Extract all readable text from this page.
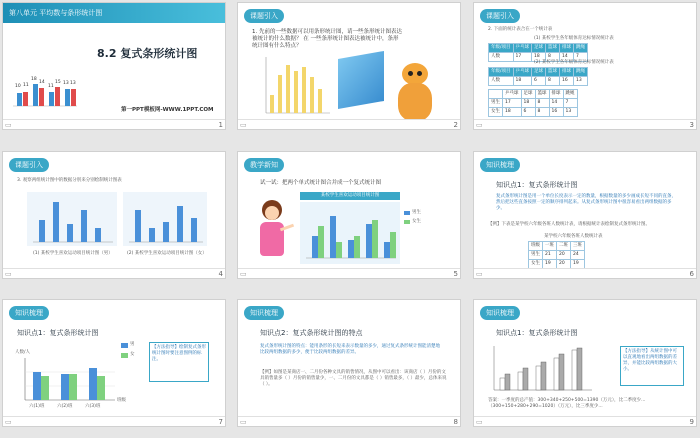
第八单元 平均数与条形统计图
8.2 复式条形统计图
10 11
18
14
11
15 13 13
第一PPT模板网-WWW.1PPT.COM
▭	1
课题引入
1. 先前的一些数据可以用条形统计图，请一些条形统计图表达被统计的什么数据？ 在 一些条形统计图表达被统计中，条形统计图有什么特点？
▭	2
课题引入
2. 下面的统计表合在一个统计表
(1) 某校学生各年级体育达标情况统计表
年级/项目	乒乓球	足球	篮球	排球	跳绳
人数	17	18	8	14	7
(2) 某校学生各年级体育达标情况统计表
年级/项目	乒乓球	足球	篮球	排球	跳绳
人数	18	6	8	16	13
	乒乓球	足球	篮球	排球	跳绳
男生	17	18	8	14	7
女生	18	6	8	16	13
▭	3
课题引入
3. 观察两组统计图中的数据分别来分别绘制统计图表
(1) 某校学生喜欢运动项目统计图（男）	(2) 某校学生喜欢运动项目统计图（女）
▭	4
教学新知
试一试：把两个单式统计图合并成一个复式统计图
某校学生喜欢运动项目统计图
男生
女生
▭	5
知识梳理
知识点1：复式条形统计图
复式条形统计图是用一个单位长度表示一定的数量，根据数量的多少画成长短不同的直条，然后把这些直条按照一定的顺序排列起来。从复式条形统计图中很容易看出两组数据的多少。
【例】下表是某学校六年级各班人数统计表，请根据统计表绘制复式条形统计图。
某学校六年级各班人数统计表
班级	一班	二班	三班
男生	21	20	24
女生	19	20	19
▭	6
知识梳理
知识点1：复式条形统计图
人数/人
六(1)班	六(2)班	六(3)班
班级
男
女
【方法指导】绘制复式条形统计图时要注意图例的标注。
▭	7
知识梳理
知识点2：复式条形统计图的特点
复式条形统计图的特点：能用条形的长短来表示数量的多少，通过复式条形统计图能清楚地比较两组数据的多少，便于比较两组数据的差异。
【例】如图是某商店一、二月份各种文具的销售情况，从图中可以看出：该商店（ ）月份的文具销售量多（ ）月份的销售量少，一、二月份的文具都是（ ）销售最多，（ ）最少，总体来说（ ）。
▭	8
知识梳理
知识点1：复式条形统计图
【方法指导】从统计图中可以直观地看出两组数据的差异，并能比较两组数据的大小。
答案：一季度的总产值：300+340+250+500=1390（万元），比二季度少...（300+150+280+290=1020）（万元），比三季度少...
▭	9
